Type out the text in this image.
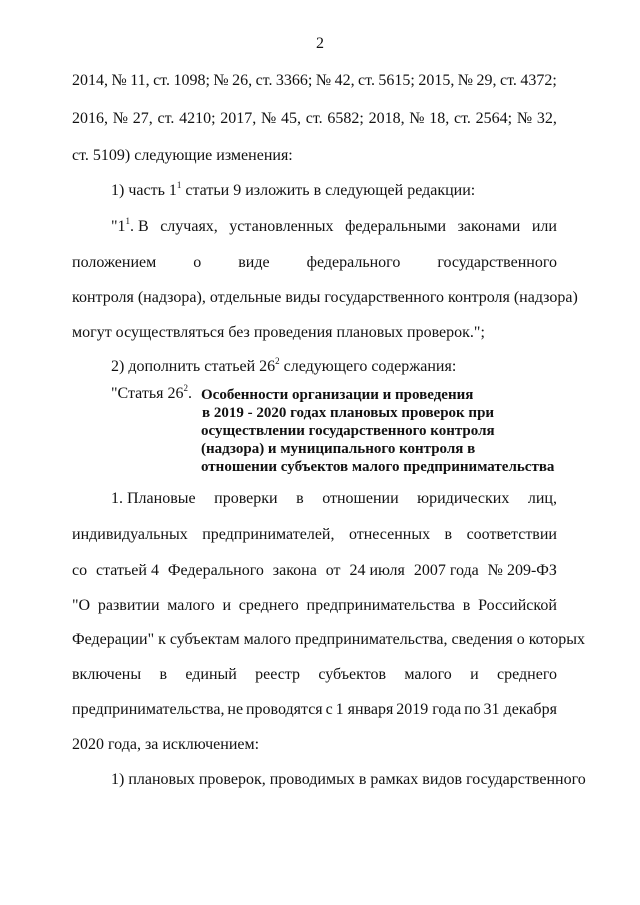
2
2014, № 11, ст. 1098; № 26, ст. 3366; № 42, ст. 5615; 2015, № 29, ст. 4372;
2016, № 27, ст. 4210; 2017, № 45, ст. 6582; 2018, № 18, ст. 2564; № 32,
ст. 5109) следующие изменения:
1) часть $1^1$ статьи 9 изложить в следующей редакции:
"$1^1$. В случаях, установленных федеральными законами или
положением о виде федерального государственного
контроля (надзора), отдельные виды государственного контроля (надзора)
могут осуществляться без проведения плановых проверок.";
2) дополнить статьей $26^2$ следующего содержания:
"Статья $26^2$. Особенности организации и проведения
в 2019 - 2020 годах плановых проверок при
осуществлении государственного контроля
(надзора) и муниципального контроля в
отношении субъектов малого предпринимательства
1. Плановые проверки в отношении юридических лиц,
индивидуальных предпринимателей, отнесенных в соответствии
со статьей 4 Федерального закона от 24 июля 2007 года № 209-ФЗ
"О развитии малого и среднего предпринимательства в Российской
Федерации" к субъектам малого предпринимательства, сведения о которых
включены в единый реестр субъектов малого и среднего
предпринимательства, не проводятся с 1 января 2019 года по 31 декабря
2020 года, за исключением:
1) плановых проверок, проводимых в рамках видов государственного
